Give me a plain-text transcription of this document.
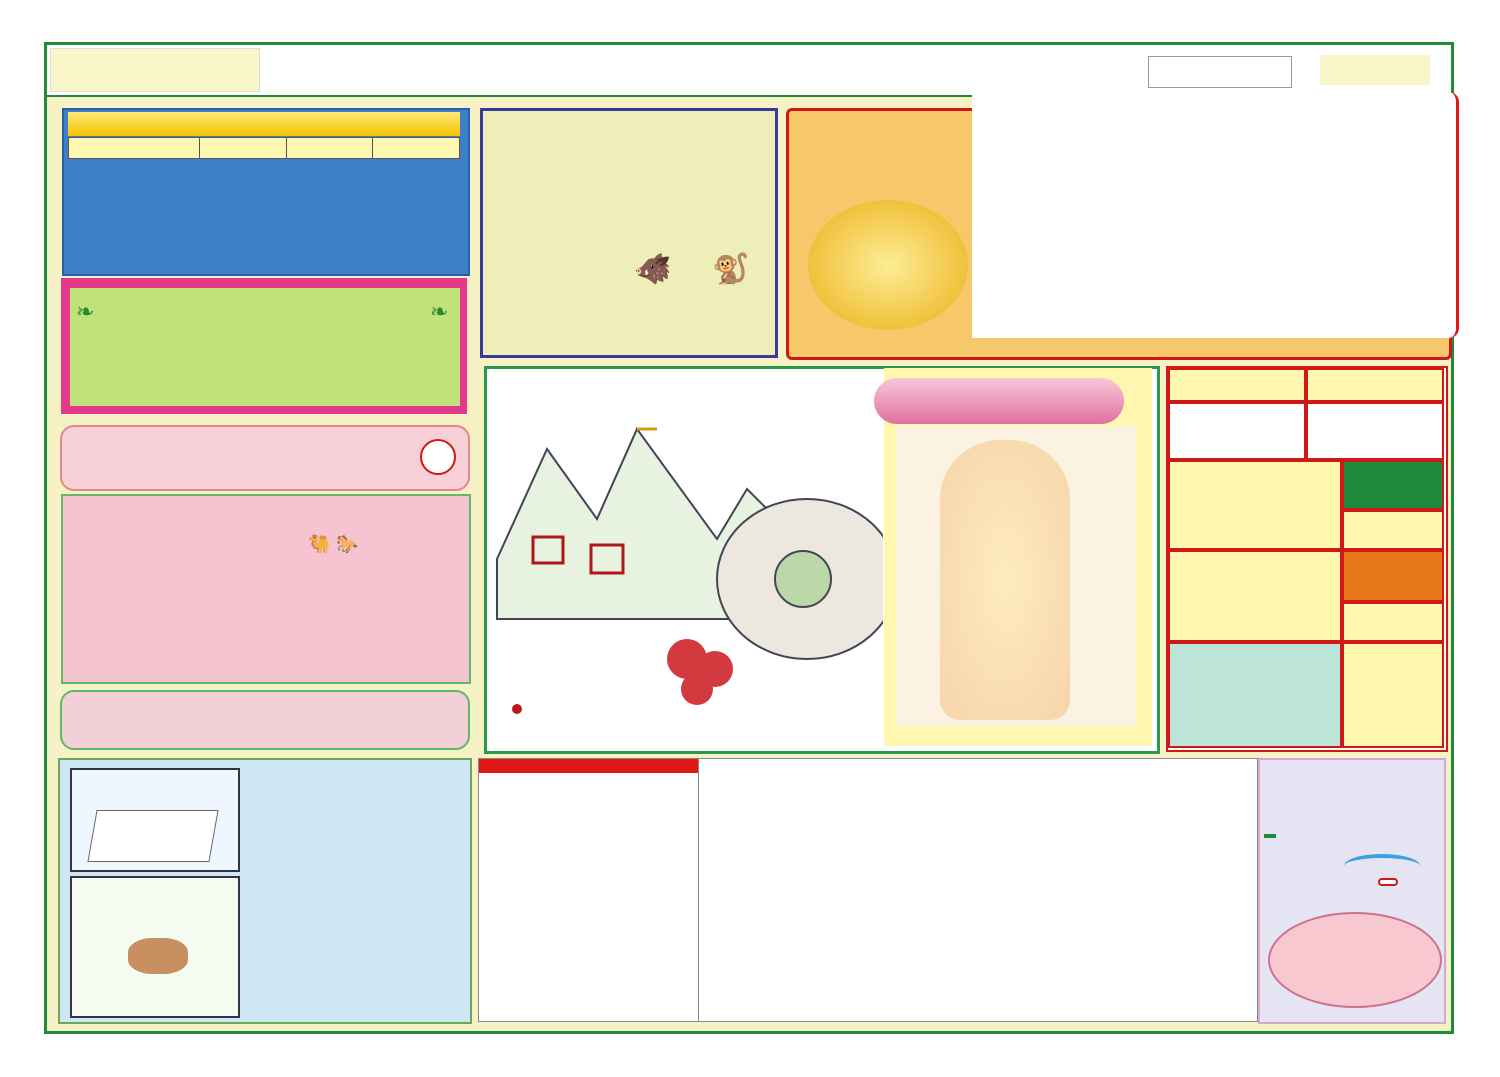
❧	❧
🐫 🐎
🐗 🐒
